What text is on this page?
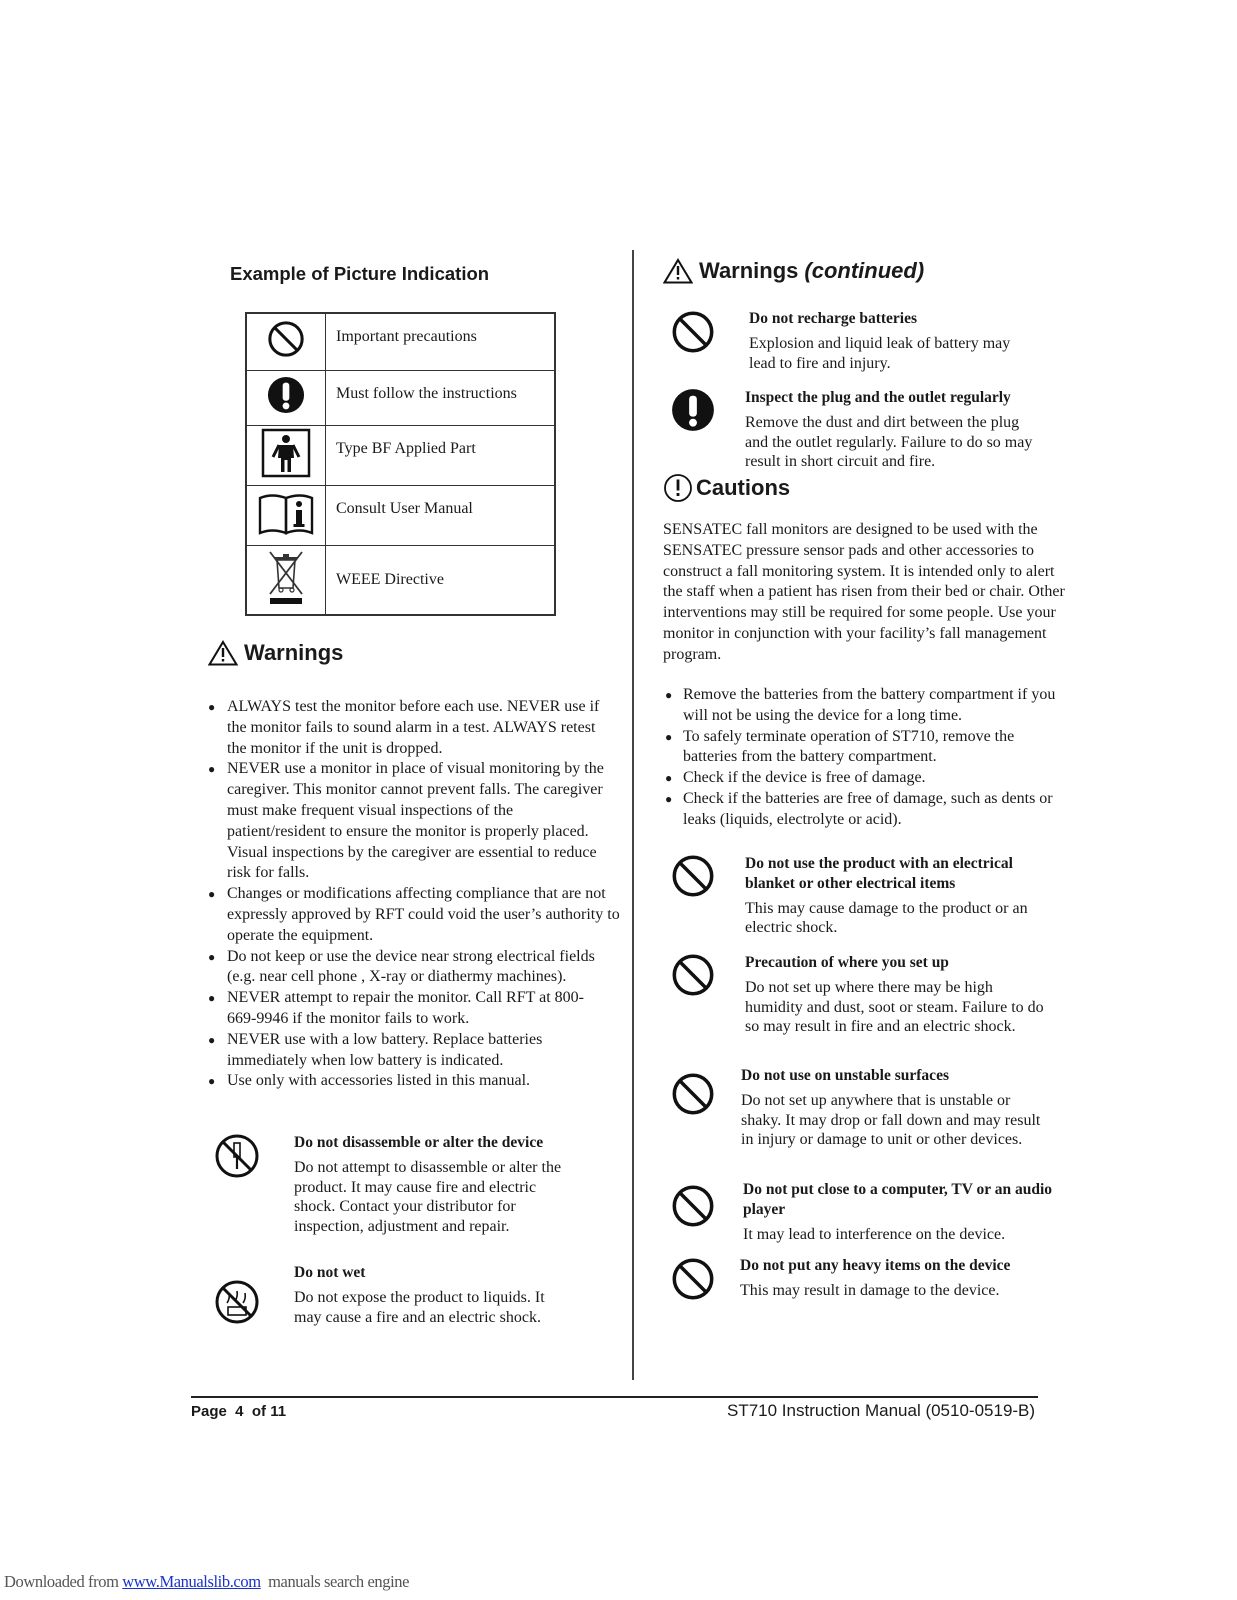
Example of Picture Indication
	Important precautions
	Must follow the instructions
	Type BF Applied Part
	Consult User Manual
	WEEE Directive
Warnings
● ALWAYS test the monitor before each use. NEVER use if the monitor fails to sound alarm in a test. ALWAYS retest the monitor if the unit is dropped.
● NEVER use a monitor in place of visual monitoring by the caregiver. This monitor cannot prevent falls. The caregiver must make frequent visual inspections of the patient/resident to ensure the monitor is properly placed. Visual inspections by the caregiver are essential to reduce risk for falls.
● Changes or modifications affecting compliance that are not expressly approved by RFT could void the user’s authority to operate the equipment.
● Do not keep or use the device near strong electrical fields (e.g. near cell phone , X-ray or diathermy machines).
● NEVER attempt to repair the monitor. Call RFT at 800-669-9946 if the monitor fails to work.
● NEVER use with a low battery. Replace batteries immediately when low battery is indicated.
● Use only with accessories listed in this manual.
Do not disassemble or alter the device
Do not attempt to disassemble or alter the product. It may cause fire and electric shock. Contact your distributor for inspection, adjustment and repair.
Do not wet
Do not expose the product to liquids. It may cause a fire and an electric shock.
Warnings (continued)
Do not recharge batteries
Explosion and liquid leak of battery may lead to fire and injury.
Inspect the plug and the outlet regularly
Remove the dust and dirt between the plug and the outlet regularly. Failure to do so may result in short circuit and fire.
Cautions

SENSATEC fall monitors are designed to be used with the SENSATEC pressure sensor pads and other accessories to construct a fall monitoring system. It is intended only to alert the staff when a patient has risen from their bed or chair. Other interventions may still be required for some people. Use your monitor in conjunction with your facility’s fall management program.

● Remove the batteries from the battery compartment if you will not be using the device for a long time.
● To safely terminate operation of ST710, remove the batteries from the battery compartment.
● Check if the device is free of damage.
● Check if the batteries are free of damage, such as dents or leaks (liquids, electrolyte or acid).
Do not use the product with an electrical blanket or other electrical items
This may cause damage to the product or an electric shock.
Precaution of where you set up
Do not set up where there may be high humidity and dust, soot or steam. Failure to do so may result in fire and an electric shock.
Do not use on unstable surfaces
Do not set up anywhere that is unstable or shaky. It may drop or fall down and may result in injury or damage to unit or other devices.
Do not put close to a computer, TV or an audio player
It may lead to interference on the device.
Do not put any heavy items on the device
This may result in damage to the device.
Page  4  of 11	ST710 Instruction Manual (0510-0519-B)
Downloaded from www.Manualslib.com  manuals search engine
